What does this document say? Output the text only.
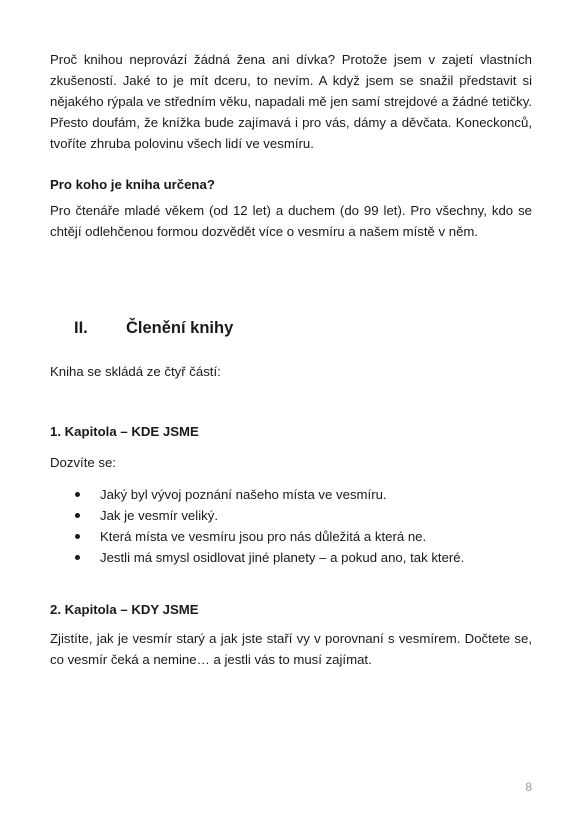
Proč knihou neprovází žádná žena ani dívka? Protože jsem v zajetí vlastních zkušeností. Jaké to je mít dceru, to nevím. A když jsem se snažil představit si nějakého rýpala ve středním věku, napadali mě jen samí strejdové a žádné tetičky. Přesto doufám, že knížka bude zajímavá i pro vás, dámy a děvčata. Koneckonců, tvoříte zhruba polovinu všech lidí ve vesmíru.

Pro koho je kniha určena?

Pro čtenáře mladé věkem (od 12 let) a duchem (do 99 let). Pro všechny, kdo se chtějí odlehčenou formou dozvědět více o vesmíru a našem místě v něm.

II. Členění knihy

Kniha se skládá ze čtyř částí:

1. Kapitola – KDE JSME

Dozvíte se:

Jaký byl vývoj poznání našeho místa ve vesmíru.
Jak je vesmír veliký.
Která místa ve vesmíru jsou pro nás důležitá a která ne.
Jestli má smysl osidlovat jiné planety – a pokud ano, tak které.

2. Kapitola – KDY JSME

Zjistíte, jak je vesmír starý a jak jste staří vy v porovnaní s vesmírem. Dočtete se, co vesmír čeká a nemine… a jestli vás to musí zajímat.

8
